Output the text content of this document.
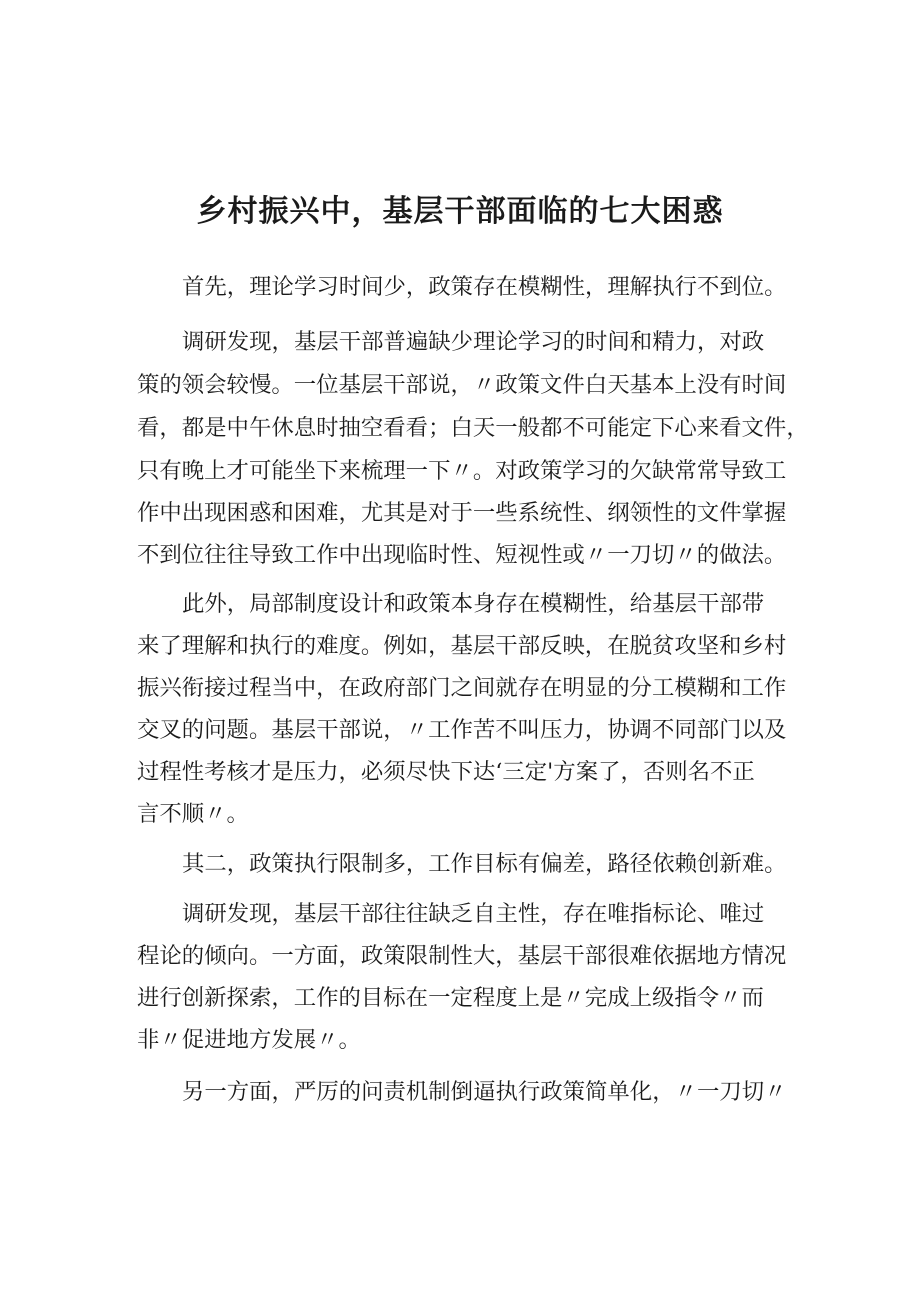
乡村振兴中，基层干部面临的七大困惑
首先，理论学习时间少，政策存在模糊性，理解执行不到位。
调研发现，基层干部普遍缺少理论学习的时间和精力，对政
策的领会较慢。一位基层干部说，〃政策文件白天基本上没有时间
看，都是中午休息时抽空看看；白天一般都不可能定下心来看文件，
只有晚上才可能坐下来梳理一下〃。对政策学习的欠缺常常导致工
作中出现困惑和困难，尤其是对于一些系统性、纲领性的文件掌握
不到位往往导致工作中出现临时性、短视性或〃一刀切〃的做法。
此外，局部制度设计和政策本身存在模糊性，给基层干部带
来了理解和执行的难度。例如，基层干部反映，在脱贫攻坚和乡村
振兴衔接过程当中，在政府部门之间就存在明显的分工模糊和工作
交叉的问题。基层干部说，〃工作苦不叫压力，协调不同部门以及
过程性考核才是压力，必须尽快下达‘三定'方案了，否则名不正
言不顺〃。
其二，政策执行限制多，工作目标有偏差，路径依赖创新难。
调研发现，基层干部往往缺乏自主性，存在唯指标论、唯过
程论的倾向。一方面，政策限制性大，基层干部很难依据地方情况
进行创新探索，工作的目标在一定程度上是〃完成上级指令〃而
非〃促进地方发展〃。
另一方面，严厉的问责机制倒逼执行政策简单化，〃一刀切〃
